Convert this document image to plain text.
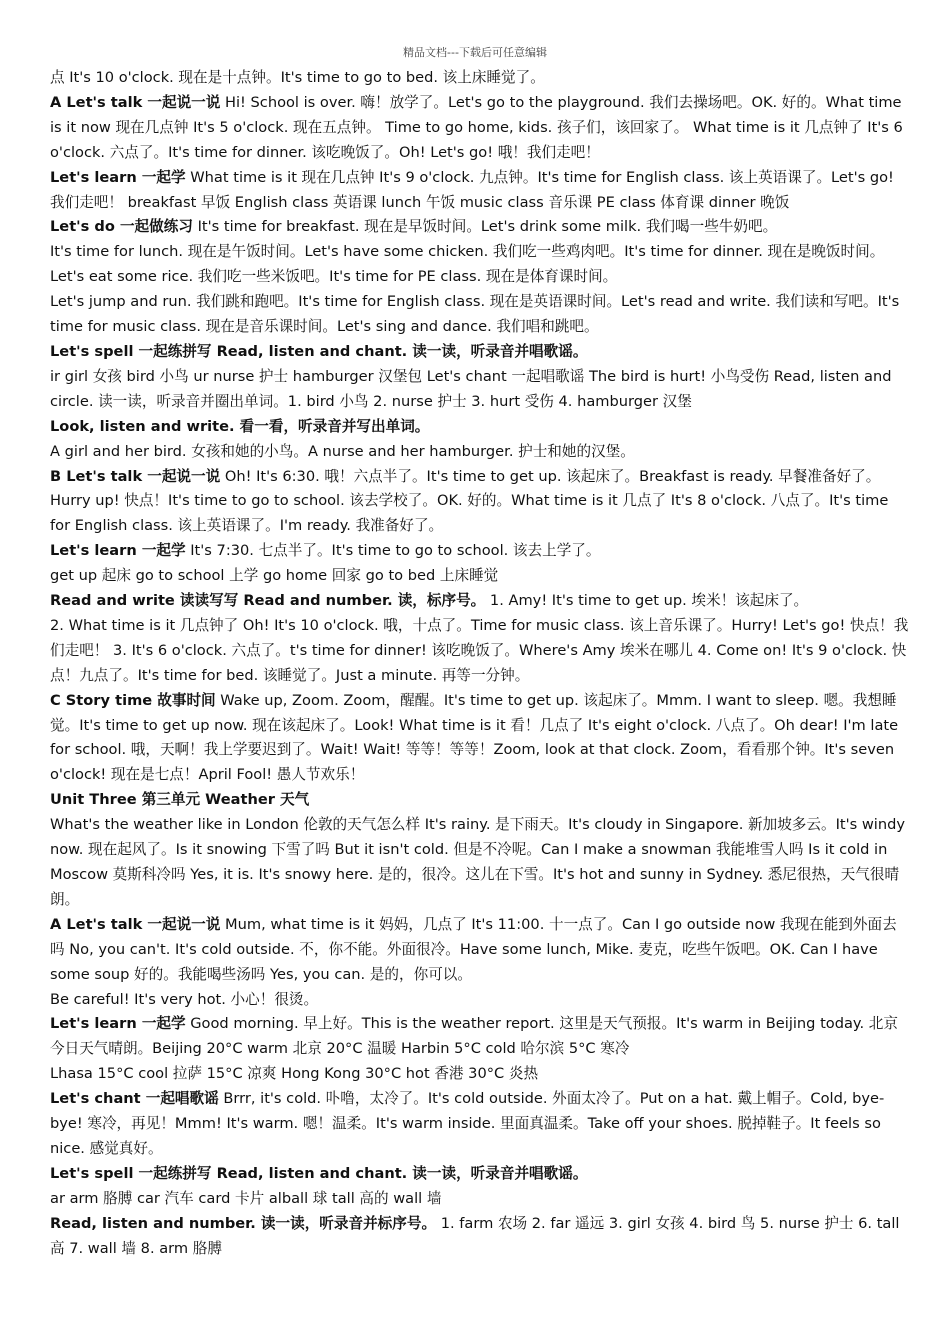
精品文档---下载后可任意编辑

点 It's 10 o'clock. 现在是十点钟。It's time to go to bed. 该上床睡觉了。

A Let's talk 一起说一说 Hi! School is over. 嗨！放学了。Let's go to the playground. 我们去操场吧。OK. 好的。What time is it now 现在几点钟 It's 5 o'clock. 现在五点钟。 Time to go home, kids. 孩子们，该回家了。 What time is it 几点钟了 It's 6 o'clock. 六点了。It's time for dinner. 该吃晚饭了。Oh! Let's go! 哦！我们走吧！

Let's learn 一起学 What time is it 现在几点钟 It's 9 o'clock. 九点钟。It's time for English class. 该上英语课了。Let's go! 我们走吧！ breakfast 早饭 English class 英语课 lunch 午饭 music class 音乐课 PE class 体育课 dinner 晚饭

Let's do 一起做练习 It's time for breakfast. 现在是早饭时间。Let's drink some milk. 我们喝一些牛奶吧。

It's time for lunch. 现在是午饭时间。Let's have some chicken. 我们吃一些鸡肉吧。It's time for dinner. 现在是晚饭时间。Let's eat some rice. 我们吃一些米饭吧。It's time for PE class. 现在是体育课时间。

Let's jump and run. 我们跳和跑吧。It's time for English class. 现在是英语课时间。Let's read and write. 我们读和写吧。It's time for music class. 现在是音乐课时间。Let's sing and dance. 我们唱和跳吧。

Let's spell 一起练拼写 Read, listen and chant. 读一读，听录音并唱歌谣。

ir girl 女孩 bird 小鸟 ur nurse 护士 hamburger 汉堡包 Let's chant 一起唱歌谣 The bird is hurt! 小鸟受伤 Read, listen and circle. 读一读，听录音并圈出单词。1. bird 小鸟 2. nurse 护士 3. hurt 受伤 4. hamburger 汉堡

Look, listen and write. 看一看，听录音并写出单词。

A girl and her bird. 女孩和她的小鸟。A nurse and her hamburger. 护士和她的汉堡。

B Let's talk 一起说一说 Oh! It's 6:30. 哦！六点半了。It's time to get up. 该起床了。Breakfast is ready. 早餐准备好了。Hurry up! 快点！It's time to go to school. 该去学校了。OK. 好的。What time is it 几点了 It's 8 o'clock. 八点了。It's time for English class. 该上英语课了。I'm ready. 我准备好了。

Let's learn 一起学 It's 7:30. 七点半了。It's time to go to school. 该去上学了。

get up 起床 go to school 上学 go home 回家 go to bed 上床睡觉

Read and write 读读写写 Read and number. 读，标序号。 1. Amy! It's time to get up. 埃米！该起床了。

2. What time is it 几点钟了 Oh! It's 10 o'clock. 哦，十点了。Time for music class. 该上音乐课了。Hurry! Let's go! 快点！我们走吧！ 3. It's 6 o'clock. 六点了。t's time for dinner! 该吃晚饭了。Where's Amy 埃米在哪儿 4. Come on! It's 9 o'clock. 快点！九点了。It's time for bed. 该睡觉了。Just a minute. 再等一分钟。

C Story time 故事时间 Wake up, Zoom. Zoom，醒醒。It's time to get up. 该起床了。Mmm. I want to sleep. 嗯。我想睡觉。It's time to get up now. 现在该起床了。Look! What time is it 看！几点了 It's eight o'clock. 八点了。Oh dear! I'm late for school. 哦，天啊！我上学要迟到了。Wait! Wait! 等等！等等！Zoom, look at that clock. Zoom，看看那个钟。It's seven o'clock! 现在是七点！April Fool! 愚人节欢乐！

Unit Three 第三单元 Weather 天气

What's the weather like in London 伦敦的天气怎么样 It's rainy. 是下雨天。It's cloudy in Singapore. 新加坡多云。It's windy now. 现在起风了。Is it snowing 下雪了吗 But it isn't cold. 但是不冷呢。Can I make a snowman 我能堆雪人吗 Is it cold in Moscow 莫斯科冷吗 Yes, it is. It's snowy here. 是的，很冷。这儿在下雪。It's hot and sunny in Sydney. 悉尼很热，天气很晴朗。

A Let's talk 一起说一说 Mum, what time is it 妈妈，几点了 It's 11:00. 十一点了。Can I go outside now 我现在能到外面去吗 No, you can't. It's cold outside. 不，你不能。外面很冷。Have some lunch, Mike. 麦克，吃些午饭吧。OK. Can I have some soup 好的。我能喝些汤吗 Yes, you can. 是的，你可以。

Be careful! It's very hot. 小心！很烫。

Let's learn 一起学 Good morning. 早上好。This is the weather report. 这里是天气预报。It's warm in Beijing today. 北京今日天气晴朗。Beijing 20°C warm 北京 20°C 温暖 Harbin 5°C cold 哈尔滨 5°C 寒冷

Lhasa 15°C cool 拉萨 15°C 凉爽 Hong Kong 30°C hot 香港 30°C 炎热

Let's chant 一起唱歌谣 Brrr, it's cold. 卟噜，太冷了。It's cold outside. 外面太冷了。Put on a hat. 戴上帽子。Cold, bye-bye! 寒冷，再见！Mmm! It's warm. 嗯！温柔。It's warm inside. 里面真温柔。Take off your shoes. 脱掉鞋子。It feels so nice. 感觉真好。

Let's spell 一起练拼写 Read, listen and chant. 读一读，听录音并唱歌谣。

ar arm 胳膊 car 汽车 card 卡片 alball 球 tall 高的 wall 墙

Read, listen and number. 读一读，听录音并标序号。 1. farm 农场 2. far 遥远 3. girl 女孩 4. bird 鸟 5. nurse 护士 6. tall 高 7. wall 墙 8. arm 胳膊
